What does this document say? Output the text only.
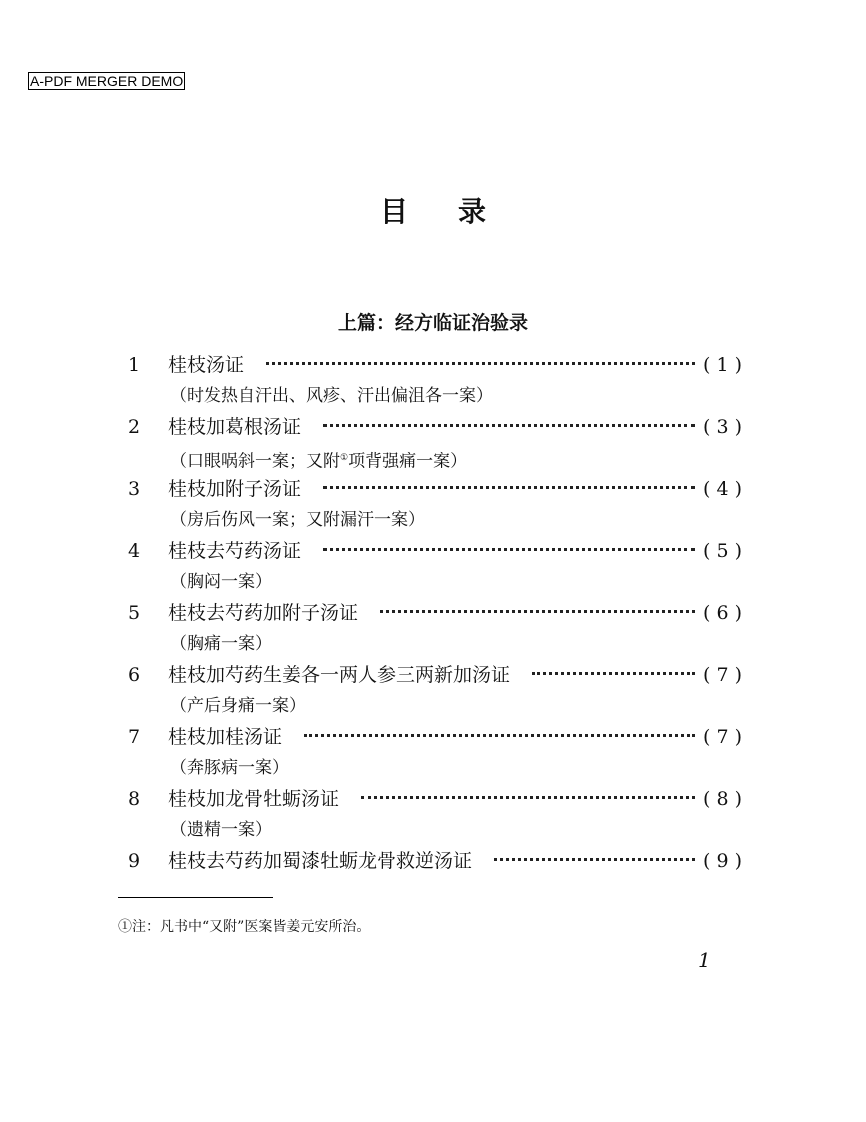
A-PDF MERGER DEMO
目录
上篇：经方临证治验录
1	桂枝汤证	( 1 )
（时发热自汗出、风疹、汗出偏沮各一案）
2	桂枝加葛根汤证	( 3 )
（口眼㖞斜一案；又附①项背强痛一案）
3	桂枝加附子汤证	( 4 )
（房后伤风一案；又附漏汗一案）
4	桂枝去芍药汤证	( 5 )
（胸闷一案）
5	桂枝去芍药加附子汤证	( 6 )
（胸痛一案）
6	桂枝加芍药生姜各一两人参三两新加汤证	( 7 )
（产后身痛一案）
7	桂枝加桂汤证	( 7 )
（奔豚病一案）
8	桂枝加龙骨牡蛎汤证	( 8 )
（遗精一案）
9	桂枝去芍药加蜀漆牡蛎龙骨救逆汤证	( 9 )
①注：凡书中“又附”医案皆姜元安所治。
1
